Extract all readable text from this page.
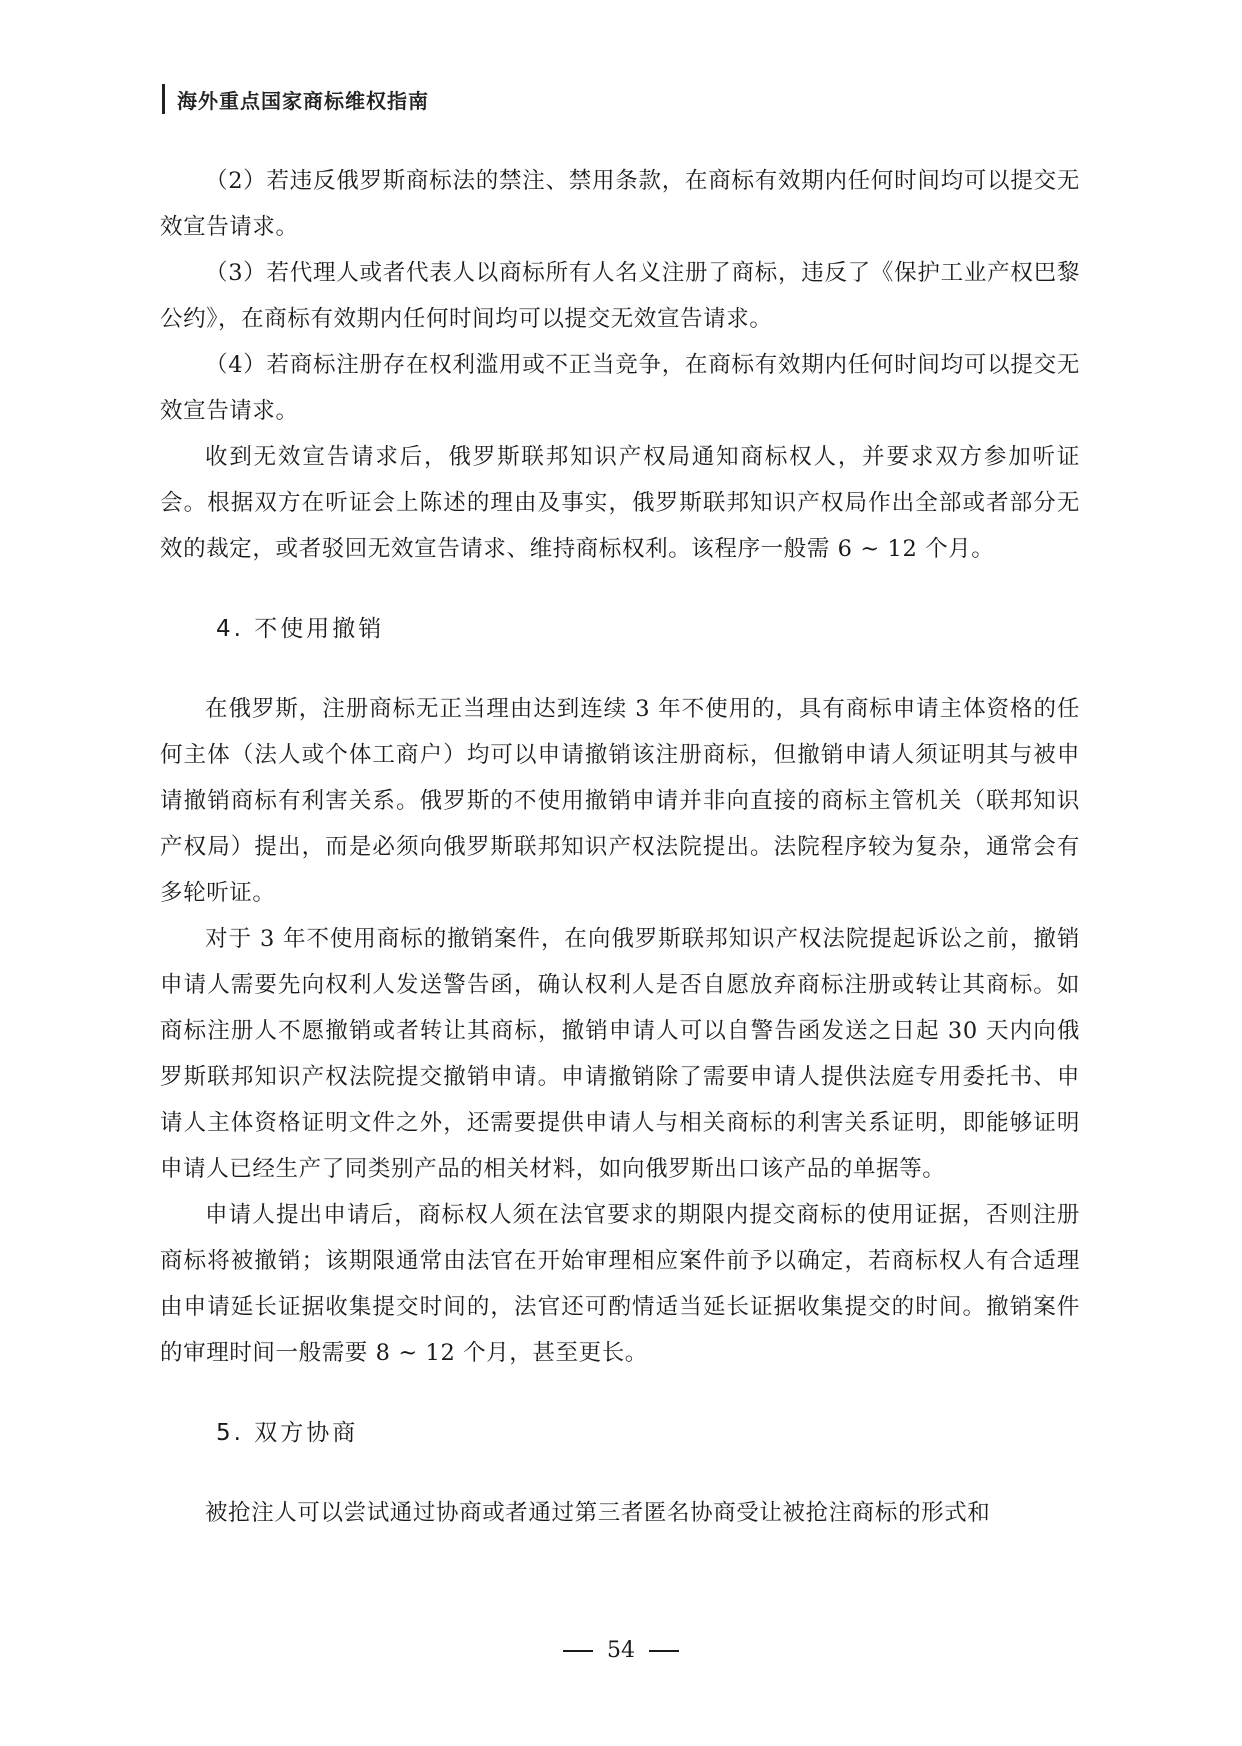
海外重点国家商标维权指南

（2）若违反俄罗斯商标法的禁注、禁用条款，在商标有效期内任何时间均可以提交无效宣告请求。

（3）若代理人或者代表人以商标所有人名义注册了商标，违反了《保护工业产权巴黎公约》，在商标有效期内任何时间均可以提交无效宣告请求。

（4）若商标注册存在权利滥用或不正当竞争，在商标有效期内任何时间均可以提交无效宣告请求。

收到无效宣告请求后，俄罗斯联邦知识产权局通知商标权人，并要求双方参加听证会。根据双方在听证会上陈述的理由及事实，俄罗斯联邦知识产权局作出全部或者部分无效的裁定，或者驳回无效宣告请求、维持商标权利。该程序一般需 6 ~ 12 个月。

4. 不使用撤销

在俄罗斯，注册商标无正当理由达到连续 3 年不使用的，具有商标申请主体资格的任何主体（法人或个体工商户）均可以申请撤销该注册商标，但撤销申请人须证明其与被申请撤销商标有利害关系。俄罗斯的不使用撤销申请并非向直接的商标主管机关（联邦知识产权局）提出，而是必须向俄罗斯联邦知识产权法院提出。法院程序较为复杂，通常会有多轮听证。

对于 3 年不使用商标的撤销案件，在向俄罗斯联邦知识产权法院提起诉讼之前，撤销申请人需要先向权利人发送警告函，确认权利人是否自愿放弃商标注册或转让其商标。如商标注册人不愿撤销或者转让其商标，撤销申请人可以自警告函发送之日起 30 天内向俄罗斯联邦知识产权法院提交撤销申请。申请撤销除了需要申请人提供法庭专用委托书、申请人主体资格证明文件之外，还需要提供申请人与相关商标的利害关系证明，即能够证明申请人已经生产了同类别产品的相关材料，如向俄罗斯出口该产品的单据等。

申请人提出申请后，商标权人须在法官要求的期限内提交商标的使用证据，否则注册商标将被撤销；该期限通常由法官在开始审理相应案件前予以确定，若商标权人有合适理由申请延长证据收集提交时间的，法官还可酌情适当延长证据收集提交的时间。撤销案件的审理时间一般需要 8 ~ 12 个月，甚至更长。

5. 双方协商

被抢注人可以尝试通过协商或者通过第三者匿名协商受让被抢注商标的形式和

54
